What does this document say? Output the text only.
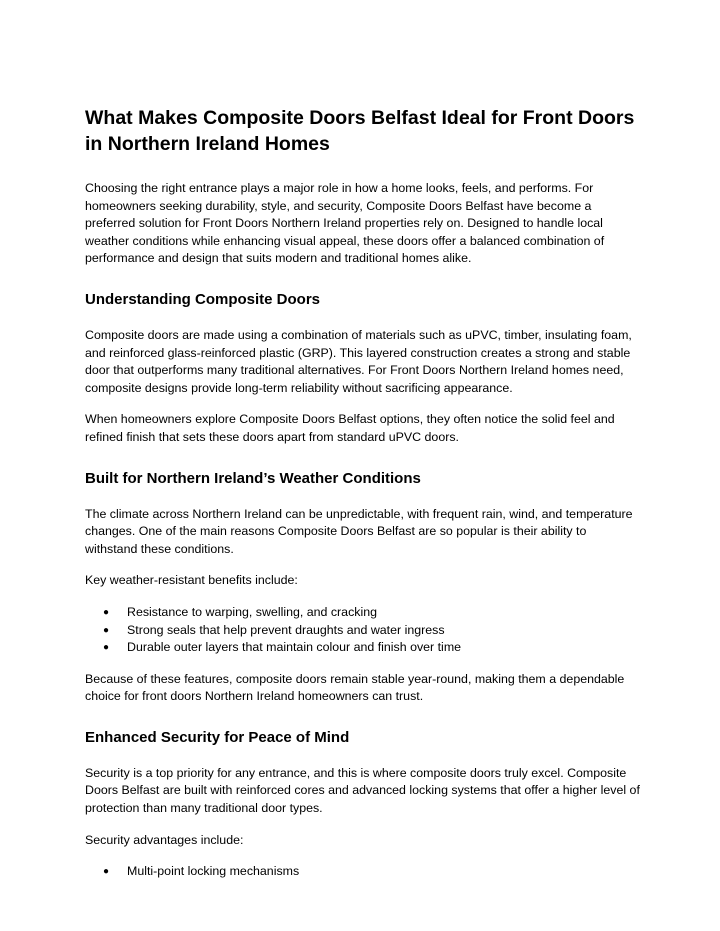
What Makes Composite Doors Belfast Ideal for Front Doors in Northern Ireland Homes

Choosing the right entrance plays a major role in how a home looks, feels, and performs. For homeowners seeking durability, style, and security, Composite Doors Belfast have become a preferred solution for Front Doors Northern Ireland properties rely on. Designed to handle local weather conditions while enhancing visual appeal, these doors offer a balanced combination of performance and design that suits modern and traditional homes alike.

Understanding Composite Doors

Composite doors are made using a combination of materials such as uPVC, timber, insulating foam, and reinforced glass-reinforced plastic (GRP). This layered construction creates a strong and stable door that outperforms many traditional alternatives. For Front Doors Northern Ireland homes need, composite designs provide long-term reliability without sacrificing appearance.

When homeowners explore Composite Doors Belfast options, they often notice the solid feel and refined finish that sets these doors apart from standard uPVC doors.

Built for Northern Ireland’s Weather Conditions

The climate across Northern Ireland can be unpredictable, with frequent rain, wind, and temperature changes. One of the main reasons Composite Doors Belfast are so popular is their ability to withstand these conditions.

Key weather-resistant benefits include:

● Resistance to warping, swelling, and cracking
● Strong seals that help prevent draughts and water ingress
● Durable outer layers that maintain colour and finish over time

Because of these features, composite doors remain stable year-round, making them a dependable choice for front doors Northern Ireland homeowners can trust.

Enhanced Security for Peace of Mind

Security is a top priority for any entrance, and this is where composite doors truly excel. Composite Doors Belfast are built with reinforced cores and advanced locking systems that offer a higher level of protection than many traditional door types.

Security advantages include:

● Multi-point locking mechanisms
